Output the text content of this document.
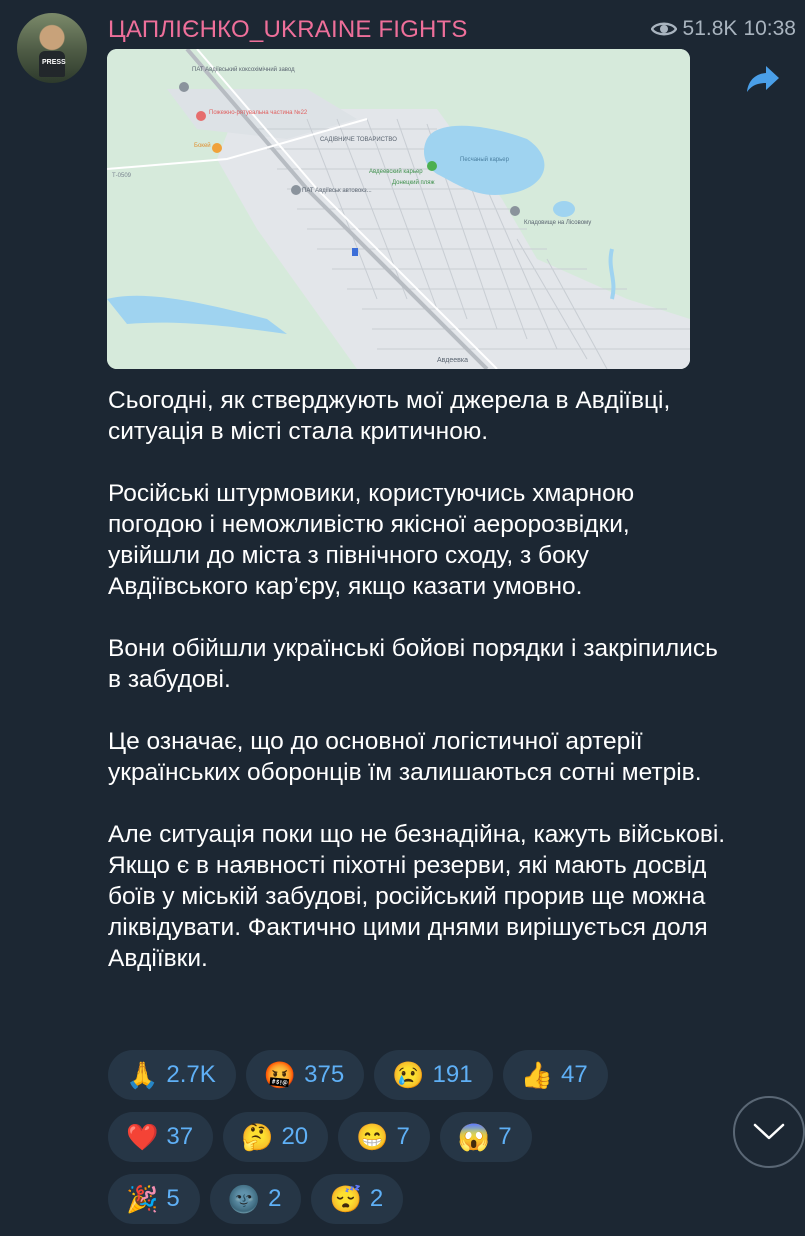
PRESS
ЦАПЛІЄНКО_UKRAINE FIGHTS	51.8K 10:38
Т-0509
ПАТ Авдіївський коксохімічний завод
Пожежно-рятувальна частина №22
Бокей
САДІВНИЧЕ ТОВАРИСТВО
Авдеевский карьер
Донецкий пляж
Песчаный карьер
ПАТ Авдіївськ автовокз...
Кладовище на Лісовому
Авдеевка

Сьогодні, як стверджують мої джерела в Авдіївці, ситуація в місті стала критичною.

Російські штурмовики, користуючись хмарною погодою і неможливістю якісної аеророзвідки, увійшли до міста з північного сходу, з боку Авдіївського кар’єру, якщо казати умовно.

Вони обійшли українські бойові порядки і закріпились в забудові.

Це означає, що до основної логістичної артерії українських оборонців їм залишаються сотні метрів.

Але ситуація поки що не безнадійна, кажуть військові. Якщо є в наявності піхотні резерви, які мають досвід боїв у міській забудові, російський прорив ще можна ліквідувати. Фактично цими днями вирішується доля Авдіївки.

🙏 2.7K 🤬 375 😢 191 👍 47
❤️ 37 🤔 20 😁 7 😱 7
🎉 5 🌚 2 😴 2
